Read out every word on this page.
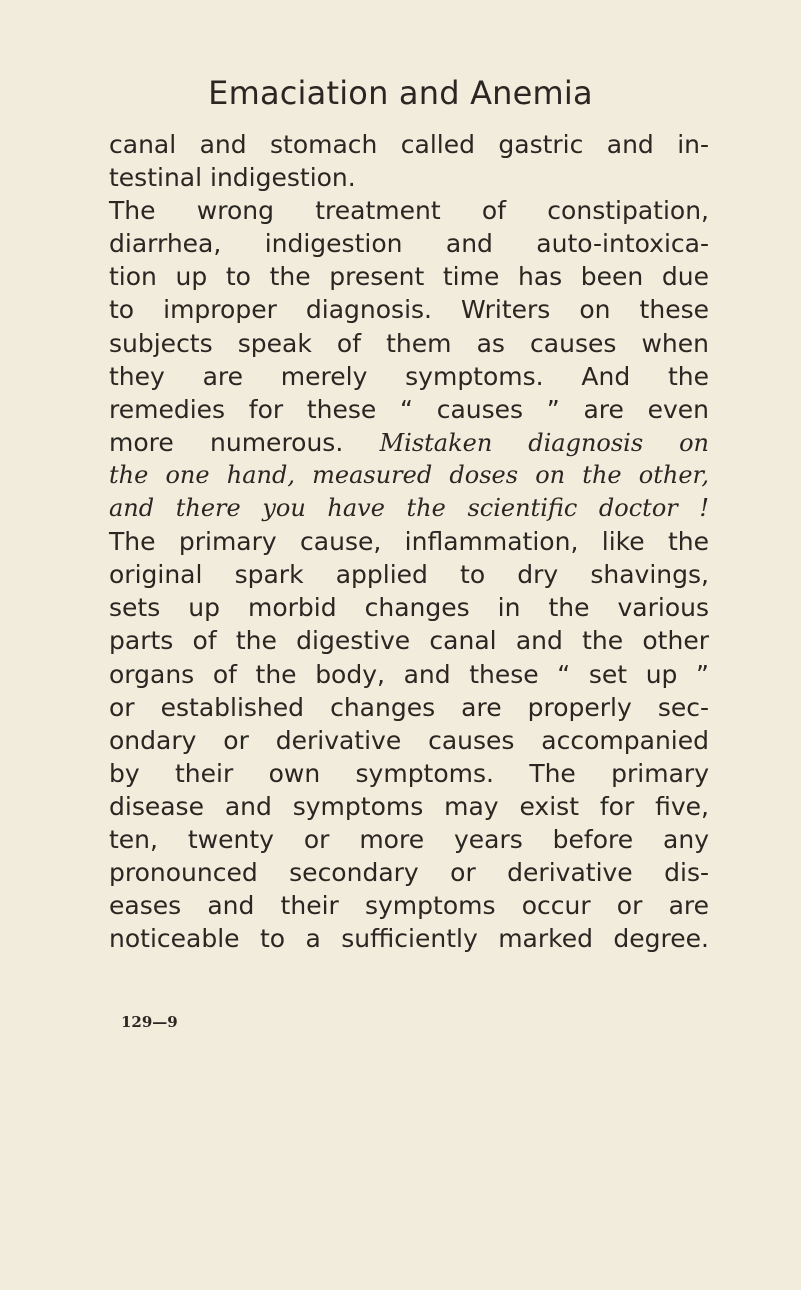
Emaciation and Anemia
canal and stomach called gastric and in-
testinal indigestion.
The wrong treatment of constipation,
diarrhea, indigestion and auto-intoxica-
tion up to the present time has been due
to improper diagnosis. Writers on these
subjects speak of them as causes when
they are merely symptoms. And the
remedies for these “ causes ” are even
more numerous. Mistaken diagnosis on
the one hand, measured doses on the other,
and there you have the scientific doctor !
The primary cause, inflammation, like the
original spark applied to dry shavings,
sets up morbid changes in the various
parts of the digestive canal and the other
organs of the body, and these “ set up ”
or established changes are properly sec-
ondary or derivative causes accompanied
by their own symptoms. The primary
disease and symptoms may exist for five,
ten, twenty or more years before any
pronounced secondary or derivative dis-
eases and their symptoms occur or are
noticeable to a sufficiently marked degree.
129—9
